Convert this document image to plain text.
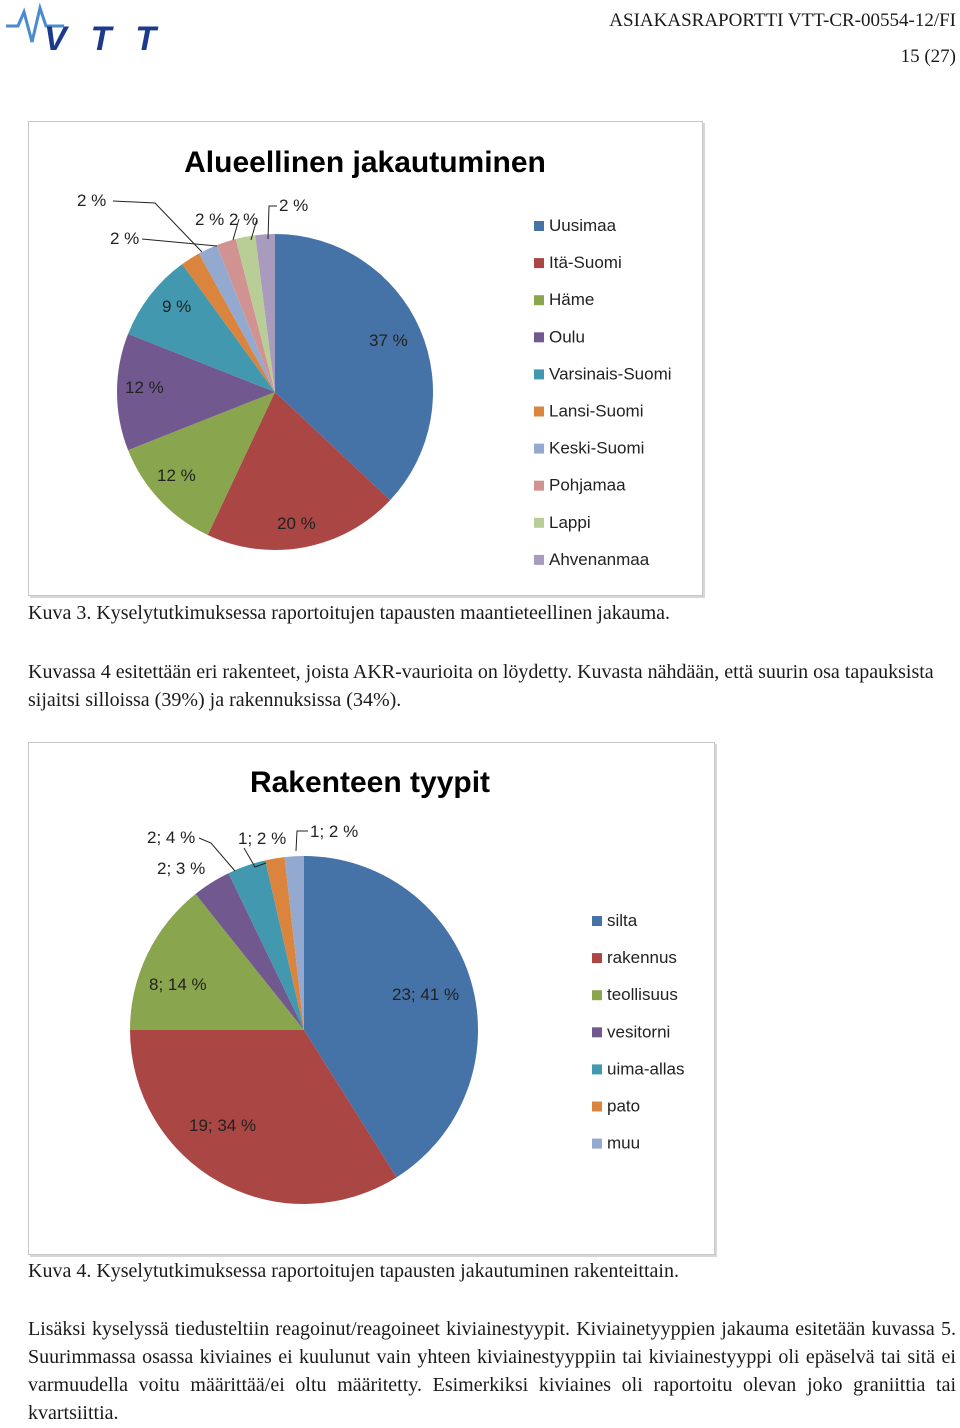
VTT	ASIAKASRAPORTTI VTT-CR-00554-12/FI
15 (27)
Alueellinen jakautuminen
37 %
20 %
12 %
12 %
9 %
2 %
2 %
2 % 2 %
2 %
Uusimaa
Itä-Suomi
Häme
Oulu
Varsinais-Suomi
Lansi-Suomi
Keski-Suomi
Pohjamaa
Lappi
Ahvenanmaa
Kuva 3. Kyselytutkimuksessa raportoitujen tapausten maantieteellinen jakauma.
Kuvassa 4 esitettään eri rakenteet, joista AKR-vaurioita on löydetty. Kuvasta nähdään, että suurin osa tapauksista sijaitsi silloissa (39%) ja rakennuksissa (34%).
Rakenteen tyypit
23; 41 %
19; 34 %
8; 14 %
2; 4 %
2; 3 %
1; 2 % 1; 2 %
silta
rakennus
teollisuus
vesitorni
uima-allas
pato
muu
Kuva 4. Kyselytutkimuksessa raportoitujen tapausten jakautuminen rakenteittain.
Lisäksi kyselyssä tiedusteltiin reagoinut/reagoineet kiviainestyypit. Kiviainetyyppien jakauma esitetään kuvassa 5. Suurimmassa osassa kiviaines ei kuulunut vain yhteen kiviainestyyppiin tai kiviainestyyppi oli epäselvä tai sitä ei varmuudella voitu määrittää/ei oltu määritetty. Esimerkiksi kiviaines oli raportoitu olevan joko graniittia tai kvartsiittia.
